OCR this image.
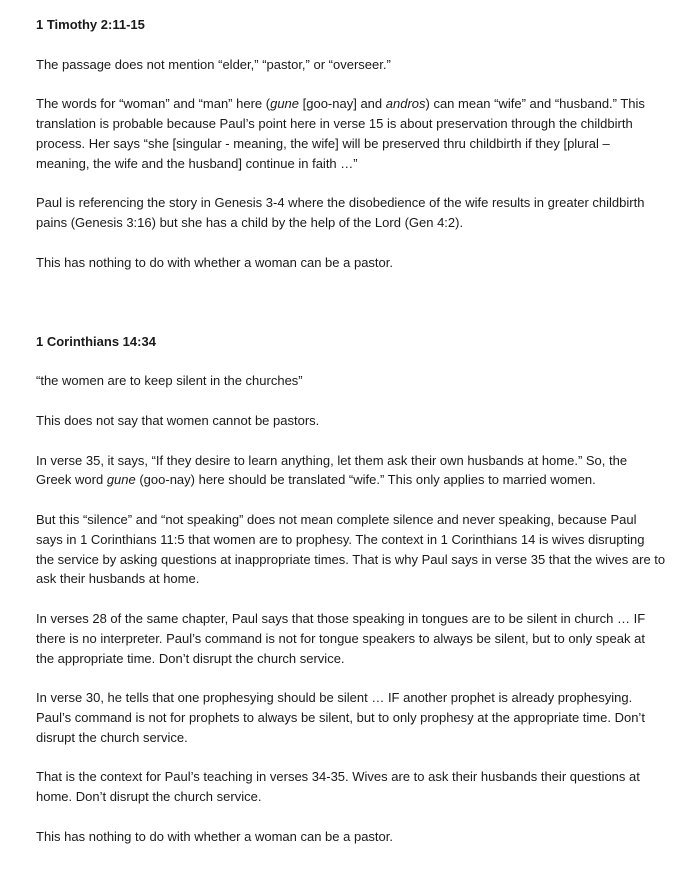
1 Timothy 2:11-15

The passage does not mention “elder,” “pastor,” or “overseer.”

The words for “woman” and “man” here (gune [goo-nay] and andros) can mean “wife” and “husband.” This translation is probable because Paul’s point here in verse 15 is about preservation through the childbirth process. Her says “she [singular - meaning, the wife] will be preserved thru childbirth if they [plural – meaning, the wife and the husband] continue in faith …”

Paul is referencing the story in Genesis 3-4 where the disobedience of the wife results in greater childbirth pains (Genesis 3:16) but she has a child by the help of the Lord (Gen 4:2).

This has nothing to do with whether a woman can be a pastor.

1 Corinthians 14:34

“the women are to keep silent in the churches”

This does not say that women cannot be pastors.

In verse 35, it says, “If they desire to learn anything, let them ask their own husbands at home.” So, the Greek word gune (goo-nay) here should be translated “wife.” This only applies to married women.

But this “silence” and “not speaking” does not mean complete silence and never speaking, because Paul says in 1 Corinthians 11:5 that women are to prophesy. The context in 1 Corinthians 14 is wives disrupting the service by asking questions at inappropriate times. That is why Paul says in verse 35 that the wives are to ask their husbands at home.

In verses 28 of the same chapter, Paul says that those speaking in tongues are to be silent in church … IF there is no interpreter. Paul’s command is not for tongue speakers to always be silent, but to only speak at the appropriate time. Don’t disrupt the church service.

In verse 30, he tells that one prophesying should be silent … IF another prophet is already prophesying. Paul’s command is not for prophets to always be silent, but to only prophesy at the appropriate time. Don’t disrupt the church service.

That is the context for Paul’s teaching in verses 34-35. Wives are to ask their husbands their questions at home. Don’t disrupt the church service.

This has nothing to do with whether a woman can be a pastor.
